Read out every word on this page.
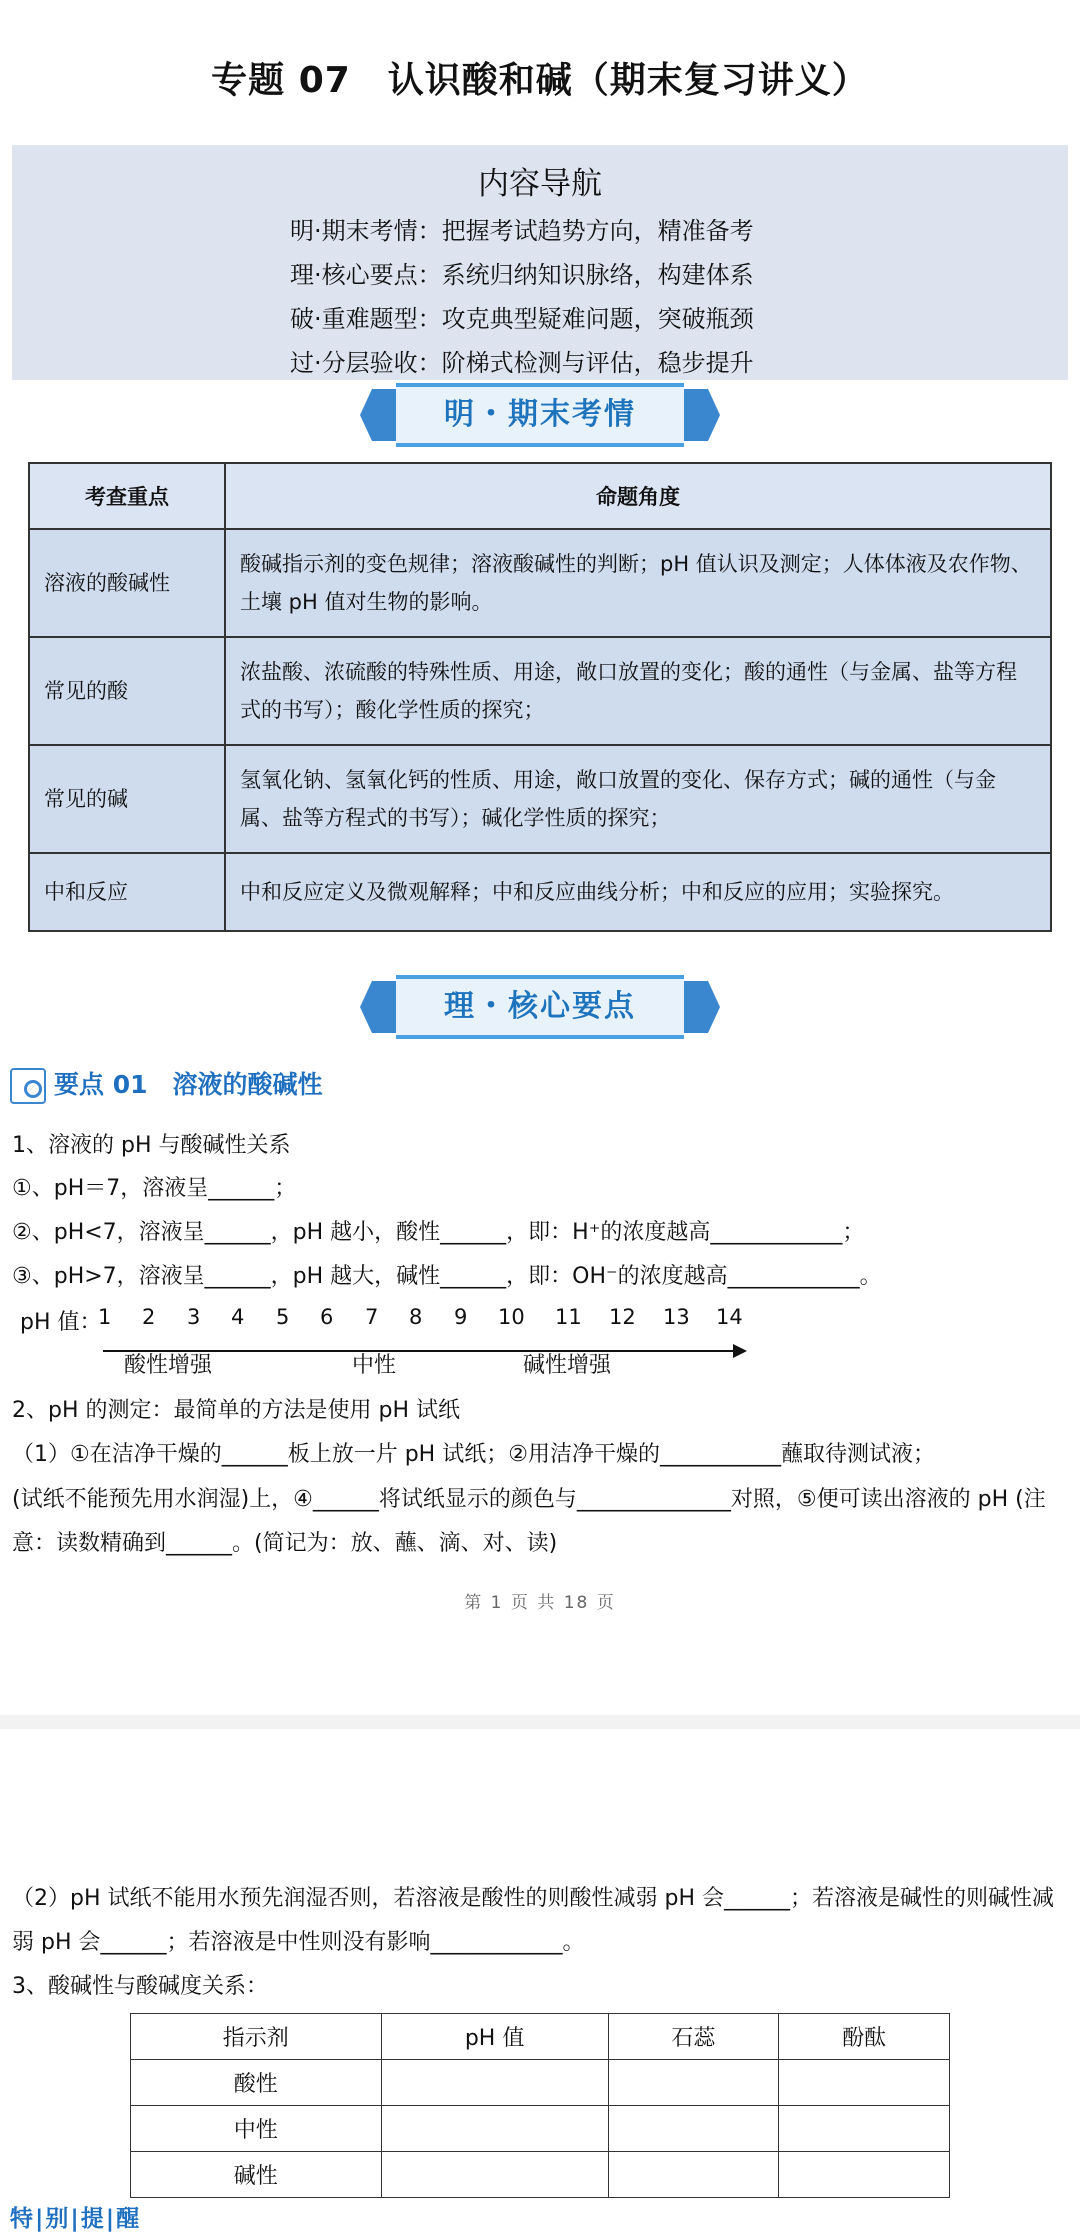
专题 07　认识酸和碱（期末复习讲义）
内容导航
明·期末考情：把握考试趋势方向，精准备考
理·核心要点：系统归纳知识脉络，构建体系
破·重难题型：攻克典型疑难问题，突破瓶颈
过·分层验收：阶梯式检测与评估，稳步提升
明・期末考情
考查重点	命题角度
溶液的酸碱性	酸碱指示剂的变色规律；溶液酸碱性的判断；pH 值认识及测定；人体体液及农作物、土壤 pH 值对生物的影响。
常见的酸	浓盐酸、浓硫酸的特殊性质、用途，敞口放置的变化；酸的通性（与金属、盐等方程式的书写）；酸化学性质的探究；
常见的碱	氢氧化钠、氢氧化钙的性质、用途，敞口放置的变化、保存方式；碱的通性（与金属、盐等方程式的书写）；碱化学性质的探究；
中和反应	中和反应定义及微观解释；中和反应曲线分析；中和反应的应用；实验探究。
理・核心要点
要点 01　溶液的酸碱性
1、溶液的 pH 与酸碱性关系
①、pH＝7，溶液呈______；
②、pH<7，溶液呈______，pH 越小，酸性______，即：H⁺的浓度越高____________；
③、pH>7，溶液呈______，pH 越大，碱性______，即：OH⁻的浓度越高____________。
pH 值：
1 2 3 4 5 6 7 8 9 10 11 12 13 14
酸性增强	中性	碱性增强
2、pH 的测定：最简单的方法是使用 pH 试纸
（1）①在洁净干燥的______板上放一片 pH 试纸；②用洁净干燥的___________蘸取待测试液；
(试纸不能预先用水润湿)上，④______将试纸显示的颜色与______________对照，⑤便可读出溶液的 pH (注
意：读数精确到______。(简记为：放、蘸、滴、对、读)
第 1 页 共 18 页
（2）pH 试纸不能用水预先润湿否则，若溶液是酸性的则酸性减弱 pH 会______；若溶液是碱性的则碱性减
弱 pH 会______；若溶液是中性则没有影响____________。
3、酸碱性与酸碱度关系：
指示剂	pH 值	石蕊	酚酞
酸性			
中性			
碱性			
特|别|提|醒
